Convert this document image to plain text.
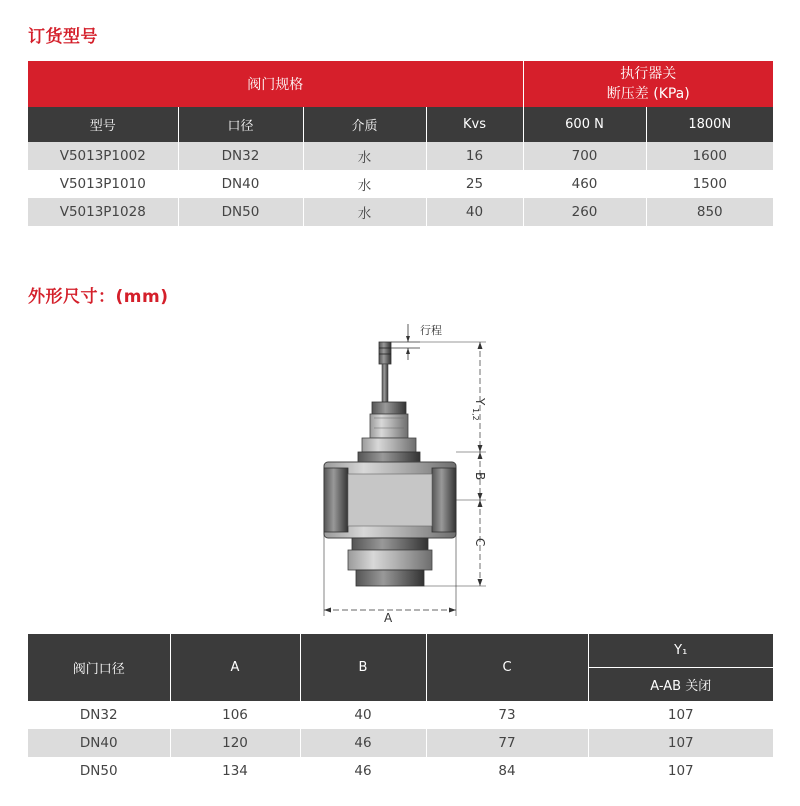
订货型号
阀门规格				执行器关
断压差 (KPa)	

型号	口径	介质	Kvs	600 N	1800N
V5013P1002	DN32	水	16	700	1600
V5013P1010	DN40	水	25	460	1500
V5013P1028	DN50	水	40	260	850
外形尺寸：(mm)
行程
Y
1,2
B
C
A
阀门口径	A	B	C	Y₁
				A-AB 关闭
DN32	106	40	73	107
DN40	120	46	77	107
DN50	134	46	84	107
